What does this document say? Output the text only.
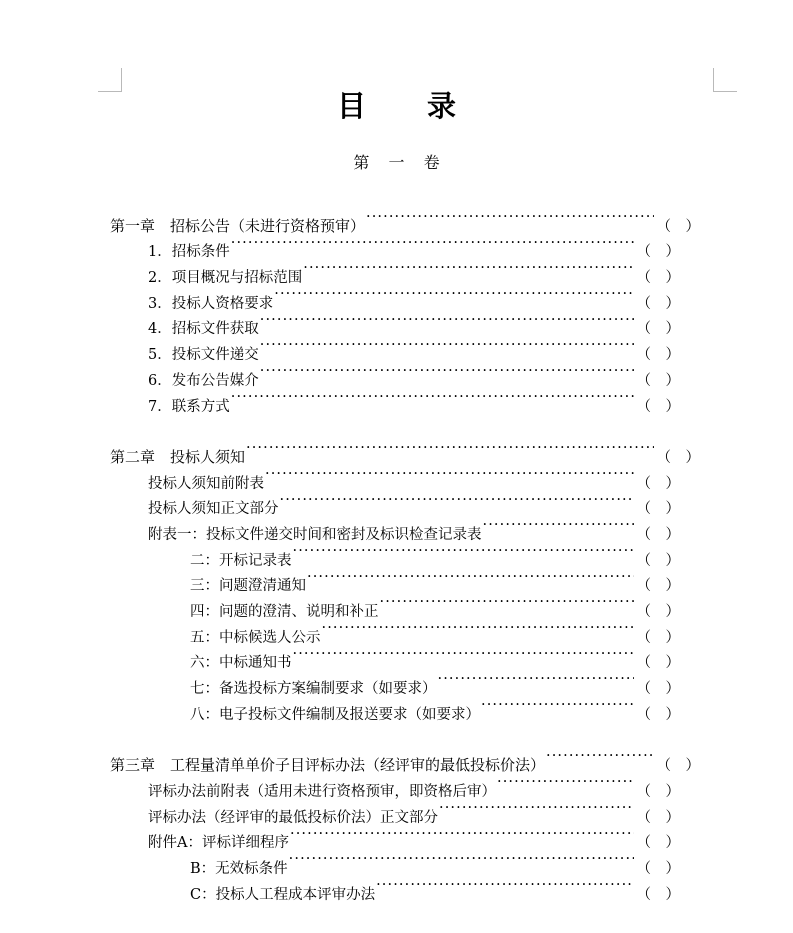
目　录
第 一 卷
第一章　招标公告（未进行资格预审） ·····	（　）
1．招标条件 ·····	（　）
2．项目概况与招标范围 ·····	（　）
3．投标人资格要求 ·····	（　）
4．招标文件获取 ·····	（　）
5．投标文件递交 ·····	（　）
6．发布公告媒介 ·····	（　）
7．联系方式 ·····	（　）
第二章　投标人须知 ·····	（　）
投标人须知前附表 ·····	（　）
投标人须知正文部分 ·····	（　）
附表一：投标文件递交时间和密封及标识检查记录表 ·····	（　）
二：开标记录表 ·····	（　）
三：问题澄清通知 ·····	（　）
四：问题的澄清、说明和补正 ·····	（　）
五：中标候选人公示 ·····	（　）
六：中标通知书 ·····	（　）
七：备选投标方案编制要求（如要求） ·····	（　）
八：电子投标文件编制及报送要求（如要求） ·····	（　）
第三章　工程量清单单价子目评标办法（经评审的最低投标价法） ·····	（　）
评标办法前附表（适用未进行资格预审，即资格后审） ·····	（　）
评标办法（经评审的最低投标价法）正文部分 ·····	（　）
附件A：评标详细程序 ·····	（　）
B：无效标条件 ·····	（　）
C：投标人工程成本评审办法 ·····	（　）
